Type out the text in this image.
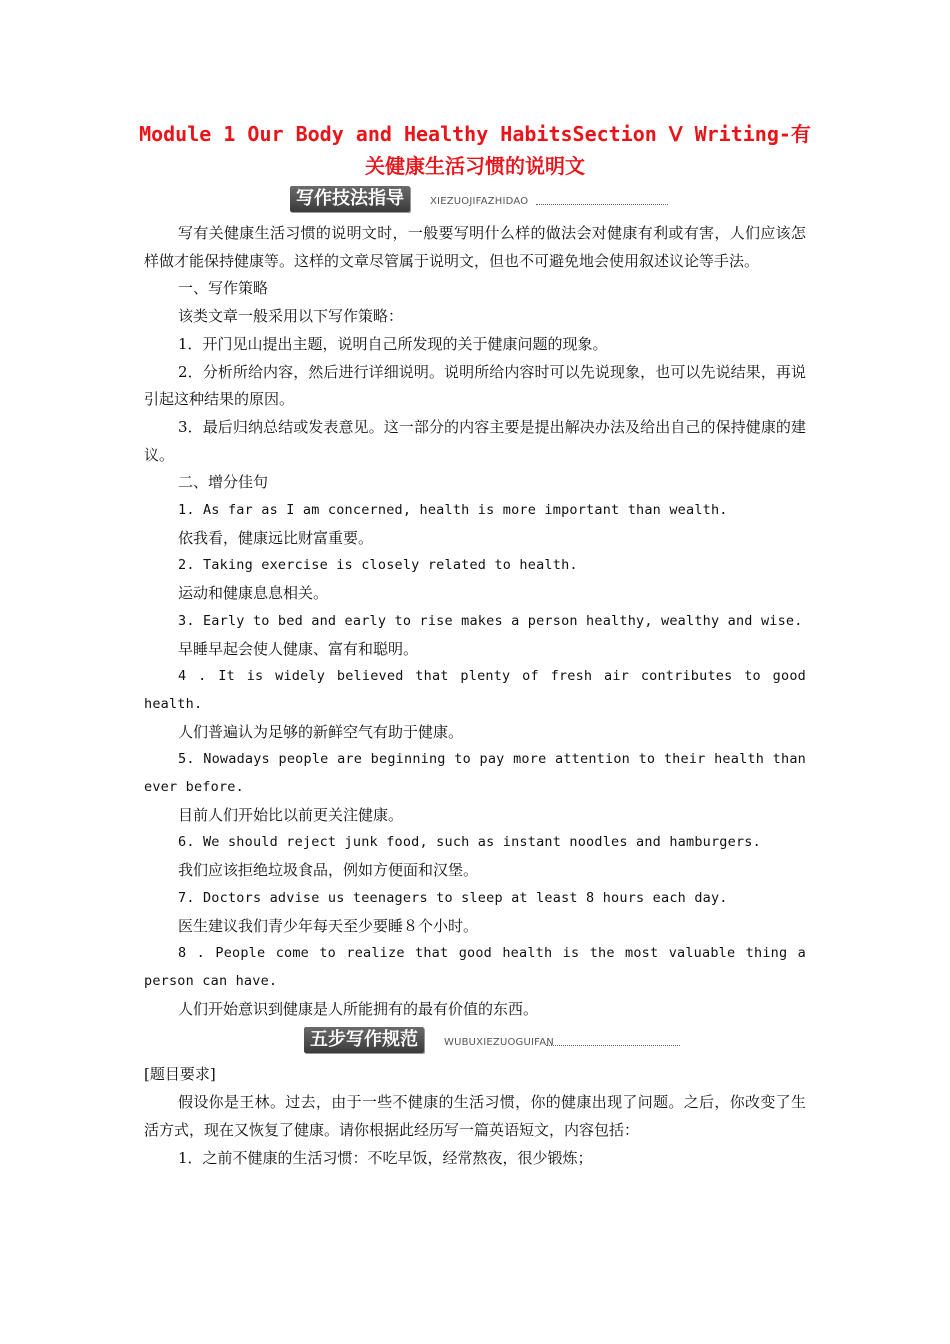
Module 1 Our Body and Healthy HabitsSection Ⅴ Writing-有
关健康生活习惯的说明文
写作技法指导	XIEZUOJIFAZHIDAO

写有关健康生活习惯的说明文时，一般要写明什么样的做法会对健康有利或有害，人们应该怎样做才能保持健康等。这样的文章尽管属于说明文，但也不可避免地会使用叙述议论等手法。

一、写作策略

该类文章一般采用以下写作策略：

1．开门见山提出主题，说明自己所发现的关于健康问题的现象。

2．分析所给内容，然后进行详细说明。说明所给内容时可以先说现象，也可以先说结果，再说引起这种结果的原因。

3．最后归纳总结或发表意见。这一部分的内容主要是提出解决办法及给出自己的保持健康的建议。

二、增分佳句

1. As far as I am concerned, health is more important than wealth.

依我看，健康远比财富重要。

2. Taking exercise is closely related to health.

运动和健康息息相关。

3. Early to bed and early to rise makes a person healthy, wealthy and wise.

早睡早起会使人健康、富有和聪明。

4 . It is widely believed that plenty of fresh air contributes to good health.

人们普遍认为足够的新鲜空气有助于健康。

5. Nowadays people are beginning to pay more attention to their health than ever before.

目前人们开始比以前更关注健康。

6. We should reject junk food, such as instant noodles and hamburgers.

我们应该拒绝垃圾食品，例如方便面和汉堡。

7. Doctors advise us teenagers to sleep at least 8 hours each day.

医生建议我们青少年每天至少要睡８个小时。

8 . People come to realize that good health is the most valuable thing a person can have.

人们开始意识到健康是人所能拥有的最有价值的东西。

五步写作规范	WUBUXIEZUOGUIFAN

[题目要求]

假设你是王林。过去，由于一些不健康的生活习惯，你的健康出现了问题。之后，你改变了生活方式，现在又恢复了健康。请你根据此经历写一篇英语短文，内容包括：

1．之前不健康的生活习惯：不吃早饭，经常熬夜，很少锻炼；
